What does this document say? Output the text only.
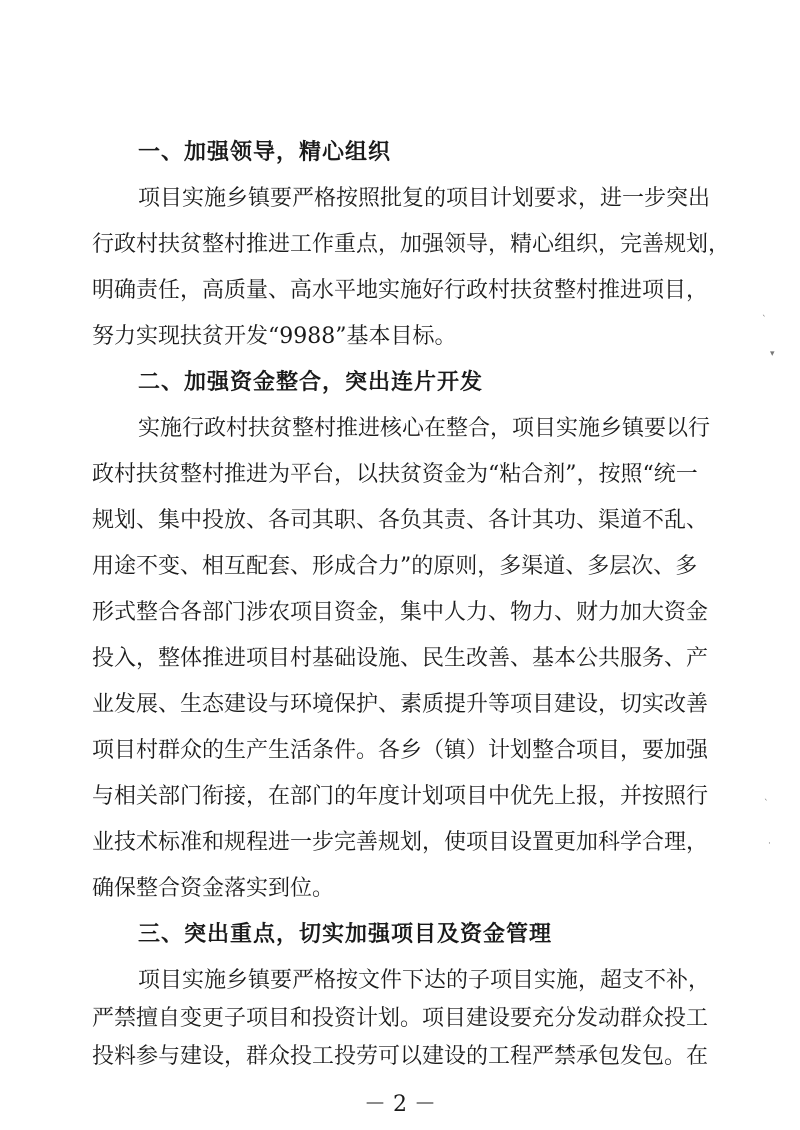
一、加强领导，精心组织
项目实施乡镇要严格按照批复的项目计划要求，进一步突出
行政村扶贫整村推进工作重点，加强领导，精心组织，完善规划，
明确责任，高质量、高水平地实施好行政村扶贫整村推进项目，
努力实现扶贫开发“9988”基本目标。
二、加强资金整合，突出连片开发
实施行政村扶贫整村推进核心在整合，项目实施乡镇要以行
政村扶贫整村推进为平台，以扶贫资金为“粘合剂”，按照“统一
规划、集中投放、各司其职、各负其责、各计其功、渠道不乱、
用途不变、相互配套、形成合力”的原则，多渠道、多层次、多
形式整合各部门涉农项目资金，集中人力、物力、财力加大资金
投入，整体推进项目村基础设施、民生改善、基本公共服务、产
业发展、生态建设与环境保护、素质提升等项目建设，切实改善
项目村群众的生产生活条件。各乡（镇）计划整合项目，要加强
与相关部门衔接，在部门的年度计划项目中优先上报，并按照行
业技术标准和规程进一步完善规划，使项目设置更加科学合理，
确保整合资金落实到位。
三、突出重点，切实加强项目及资金管理
项目实施乡镇要严格按文件下达的子项目实施，超支不补，
严禁擅自变更子项目和投资计划。项目建设要充分发动群众投工
投料参与建设，群众投工投劳可以建设的工程严禁承包发包。在
－ 2 －
ˋ
▾
ˋ
·
